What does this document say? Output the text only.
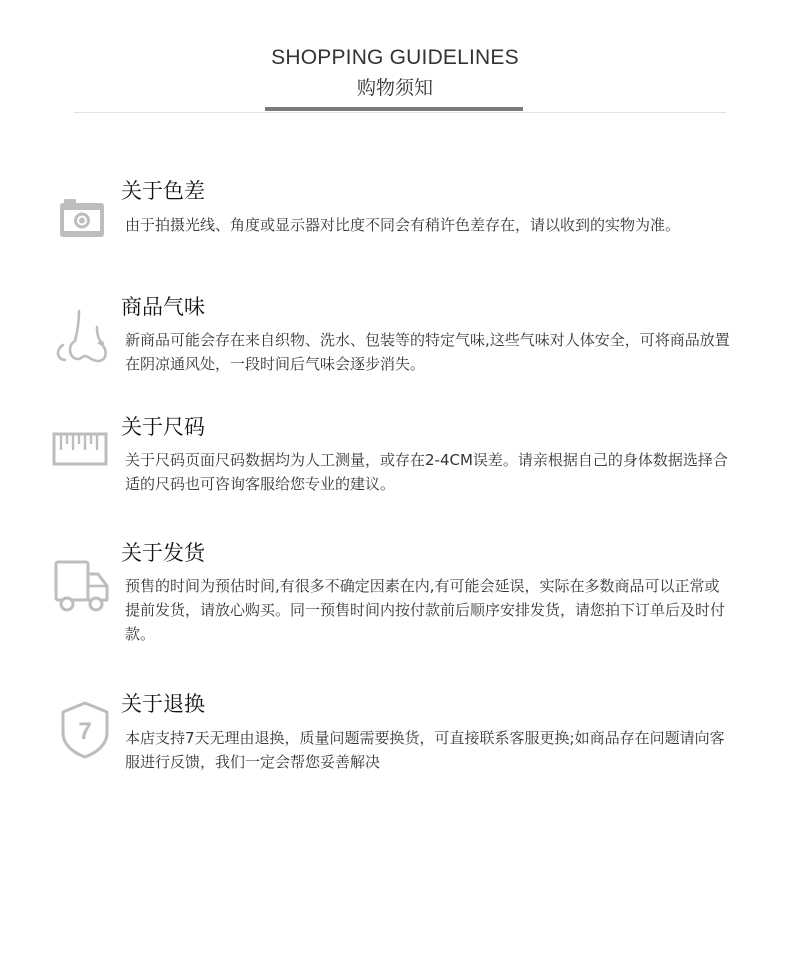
SHOPPING GUIDELINES
购物须知
关于色差
由于拍摄光线、角度或显示器对比度不同会有稍许色差存在，请以收到的实物为准。
商品气味
新商品可能会存在来自织物、洗水、包装等的特定气味,这些气味对人体安全，可将商品放置在阴凉通风处，一段时间后气味会逐步消失。
关于尺码
关于尺码页面尺码数据均为人工测量，或存在2-4CM误差。请亲根据自己的身体数据选择合适的尺码也可咨询客服给您专业的建议。
关于发货
预售的时间为预估时间,有很多不确定因素在内,有可能会延误，实际在多数商品可以正常或提前发货，请放心购买。同一预售时间内按付款前后顺序安排发货，请您拍下订单后及时付款。
7
关于退换
本店支持7天无理由退换，质量问题需要换货，可直接联系客服更换;如商品存在问题请向客服进行反馈，我们一定会帮您妥善解决
